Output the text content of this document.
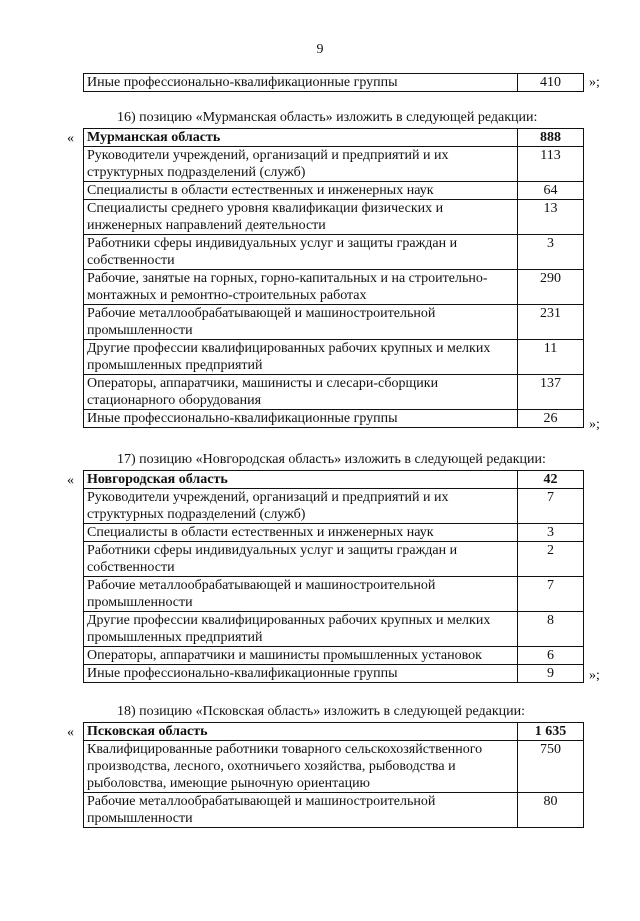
9
Иные профессионально-квалификационные группы	410 »;
16) позицию «Мурманская область» изложить в следующей редакции:
« Мурманская область	888
Руководители учреждений, организаций и предприятий и их структурных подразделений (служб)	113
Специалисты в области естественных и инженерных наук	64
Специалисты среднего уровня квалификации физических и инженерных направлений деятельности	13
Работники сферы индивидуальных услуг и защиты граждан и собственности	3
Рабочие, занятые на горных, горно-капитальных и на строительно-монтажных и ремонтно-строительных работах	290
Рабочие металлообрабатывающей и машиностроительной промышленности	231
Другие профессии квалифицированных рабочих крупных и мелких промышленных предприятий	11
Операторы, аппаратчики, машинисты и слесари-сборщики стационарного оборудования	137
Иные профессионально-квалификационные группы	26 »;
17) позицию «Новгородская область» изложить в следующей редакции:
« Новгородская область	42
Руководители учреждений, организаций и предприятий и их структурных подразделений (служб)	7
Специалисты в области естественных и инженерных наук	3
Работники сферы индивидуальных услуг и защиты граждан и собственности	2
Рабочие металлообрабатывающей и машиностроительной промышленности	7
Другие профессии квалифицированных рабочих крупных и мелких промышленных предприятий	8
Операторы, аппаратчики и машинисты промышленных установок	6
Иные профессионально-квалификационные группы	9	»;
18) позицию «Псковская область» изложить в следующей редакции:
« Псковская область	1 635
Квалифицированные работники товарного сельскохозяйственного производства, лесного, охотничьего хозяйства, рыбоводства и рыболовства, имеющие рыночную ориентацию	750
Рабочие металлообрабатывающей и машиностроительной промышленности	80
